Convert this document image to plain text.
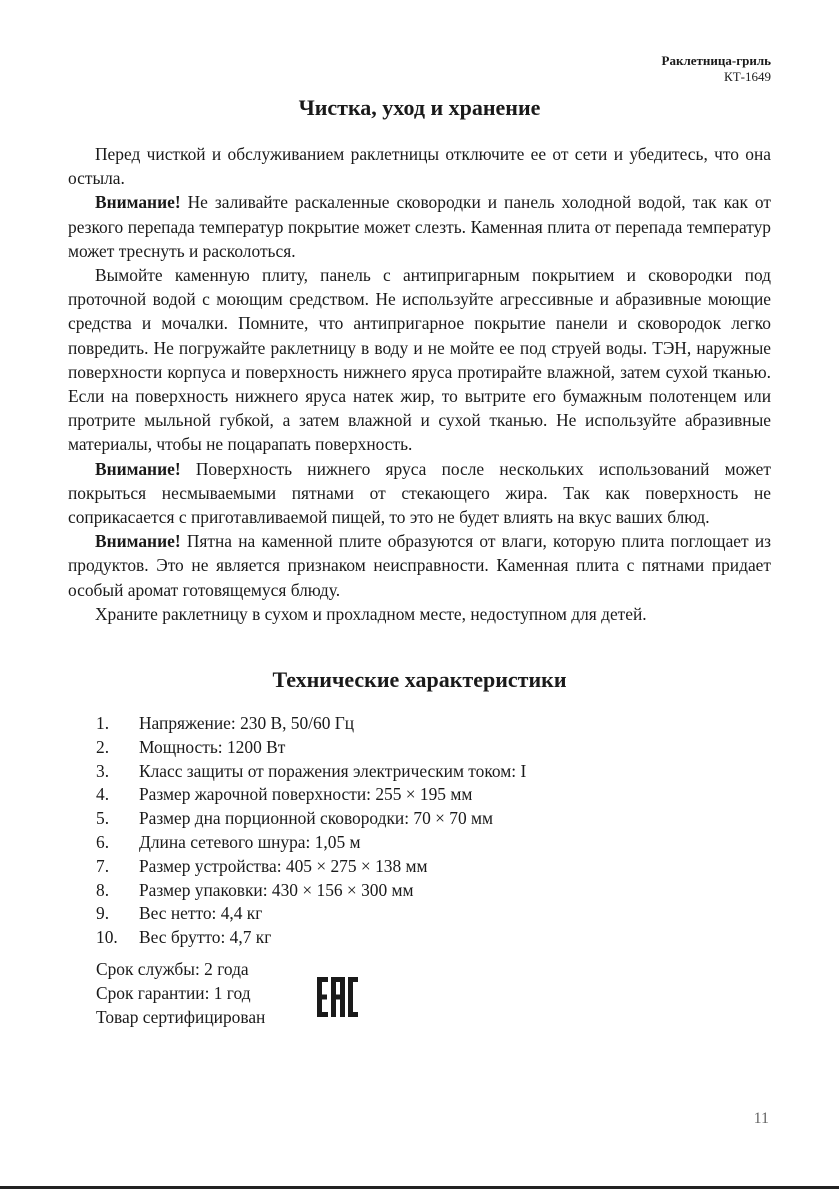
Раклетница-гриль
КТ-1649
Чистка, уход и хранение

Перед чисткой и обслуживанием раклетницы отключите ее от сети и убедитесь, что она остыла.

Внимание! Не заливайте раскаленные сковородки и панель холодной водой, так как от резкого перепада температур покрытие может слезть. Каменная плита от перепада температур может треснуть и расколоться.

Вымойте каменную плиту, панель с антипригарным покрытием и сковородки под проточной водой с моющим средством. Не используйте агрессивные и абразивные моющие средства и мочалки. Помните, что антипригарное покрытие панели и сковородок легко повредить. Не погружайте раклетницу в воду и не мойте ее под струей воды. ТЭН, наружные поверхности корпуса и поверхность нижнего яруса протирайте влажной, затем сухой тканью. Если на поверхность нижнего яруса натек жир, то вытрите его бумажным полотенцем или протрите мыльной губкой, а затем влажной и сухой тканью. Не используйте абразивные материалы, чтобы не поцарапать поверхность.

Внимание! Поверхность нижнего яруса после нескольких использований может покрыться несмываемыми пятнами от стекающего жира. Так как поверхность не соприкасается с приготавливаемой пищей, то это не будет влиять на вкус ваших блюд.

Внимание! Пятна на каменной плите образуются от влаги, которую плита поглощает из продуктов. Это не является признаком неисправности. Каменная плита с пятнами придает особый аромат готовящемуся блюду.

Храните раклетницу в сухом и прохладном месте, недоступном для детей.

Технические характеристики
1.	Напряжение: 230 В, 50/60 Гц
2.	Мощность: 1200 Вт
3.	Класс защиты от поражения электрическим током: I
4.	Размер жарочной поверхности: 255 × 195 мм
5.	Размер дна порционной сковородки: 70 × 70 мм
6.	Длина сетевого шнура: 1,05 м
7.	Размер устройства: 405 × 275 × 138 мм
8.	Размер упаковки: 430 × 156 × 300 мм
9.	Вес нетто: 4,4 кг
10.	Вес брутто: 4,7 кг
Срок службы: 2 года
Срок гарантии: 1 год
Товар сертифицирован
11
